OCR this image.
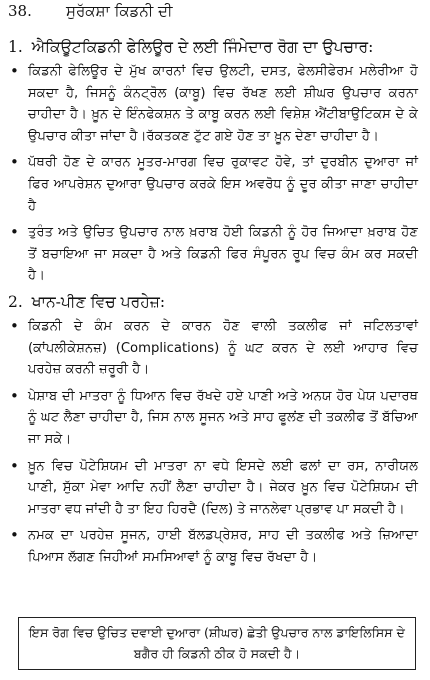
38.	ਸੁਰੱਕਸ਼ਾ ਕਿਡਨੀ ਦੀ
1. ਐਕਿਊਟਕਿਡਨੀ ਫੇਲਿਊਰ ਦੇ ਲਈ ਜਿੰਮੇਦਾਰ ਰੋਗ ਦਾ ਉਪਚਾਰ:
• ਕਿਡਨੀ ਫੇਲਿਊਰ ਦੇ ਮੁੱਖ ਕਾਰਨਾਂ ਵਿਚ ਉਲਟੀ, ਦਸਤ, ਫੇਲਸੀਫੇਰਮ ਮਲੇਰੀਆ ਹੋ ਸਕਦਾ ਹੈ, ਜਿਸਨੂੰ ਕੰਨਟ੍ਰੋਲ (ਕਾਬੂ) ਵਿਚ ਰੱਖਣ ਲਈ ਸ਼ੀਘਰ ਉਪਚਾਰ ਕਰਨਾ ਚਾਹੀਦਾ ਹੈ। ਖ਼ੂਨ ਦੇ ਇੰਨਫੇਕਸ਼ਨ ਤੇ ਕਾਬੂ ਕਰਨ ਲਈ ਵਿਸ਼ੇਸ਼ ਐਂਟੀਬਾਉਟਿਕਸ ਦੇ ਕੇ ਉਪਚਾਰ ਕੀਤਾ ਜਾਂਦਾ ਹੈ।ਰੱਕਤਕਣ ਟੁੱਟ ਗਏ ਹੋਣ ਤਾ ਖ਼ੂਨ ਦੇਣਾ ਚਾਹੀਦਾ ਹੈ।
• ਪੱਥਰੀ ਹੋਣ ਦੇ ਕਾਰਨ ਮੂਤਰ-ਮਾਰਗ ਵਿਚ ਰੁਕਾਵਟ ਹੋਵੇ, ਤਾਂ ਦੁਰਬੀਨ ਦੁਆਰਾ ਜਾਂ ਫਿਰ ਆਪਰੇਸ਼ਨ ਦੁਆਰਾ ਉਪਚਾਰ ਕਰਕੇ ਇਸ ਅਵਰੋਧ ਨੂੰ ਦੂਰ ਕੀਤਾ ਜਾਣਾ ਚਾਹੀਦਾ ਹੈ
• ਤੁਰੰਤ ਅਤੇ ਉਚਿਤ ਉਪਚਾਰ ਨਾਲ ਖ਼ਰਾਬ ਹੋਈ ਕਿਡਨੀ ਨੂੰ ਹੋਰ ਜਿਆਦਾ ਖ਼ਰਾਬ ਹੋਣ ਤੋਂ ਬਚਾਇਆ ਜਾ ਸਕਦਾ ਹੈ ਅਤੇ ਕਿਡਨੀ ਫਿਰ ਸੰਪੂਰਨ ਰੂਪ ਵਿਚ ਕੰਮ ਕਰ ਸਕਦੀ ਹੈ।
2. ਖਾਨ-ਪੀਣ ਵਿਚ ਪਰਹੇਜ਼:
• ਕਿਡਨੀ ਦੇ ਕੰਮ ਕਰਨ ਦੇ ਕਾਰਨ ਹੋਣ ਵਾਲੀ ਤਕਲੀਫ ਜਾਂ ਜਟਿਲਤਾਵਾਂ (ਕਾਂਪਲੀਕੇਸ਼ਨਜ਼) (Complications) ਨੂੰ ਘਟ ਕਰਨ ਦੇ ਲਈ ਆਹਾਰ ਵਿਚ ਪਰਹੇਜ਼ ਕਰਨੀ ਜ਼ਰੂਰੀ ਹੈ।
• ਪੇਸ਼ਾਬ ਦੀ ਮਾਤਰਾ ਨੂੰ ਧਿਆਨ ਵਿਚ ਰੱਖਦੇ ਹਏ ਪਾਣੀ ਅਤੇ ਅਨਯ ਹੋਰ ਪੇਯ ਪਦਾਰਥ ਨੂੰ ਘਟ ਲੈਣਾ ਚਾਹੀਦਾ ਹੈ, ਜਿਸ ਨਾਲ ਸੂਜਨ ਅਤੇ ਸਾਹ ਫੂਲਂਣ ਦੀ ਤਕਲੀਫ ਤੋਂ ਬੱਚਿਆ ਜਾ ਸਕੇ।
• ਖ਼ੂਨ ਵਿਚ ਪੋਟੇਸ਼ਿਯਮ ਦੀ ਮਾਤਰਾ ਨਾ ਵਧੇ ਇਸਦੇ ਲਈ ਫਲਾਂ ਦਾ ਰਸ, ਨਾਰੀਯਲ ਪਾਣੀ, ਸੁੱਕਾ ਮੇਵਾ ਆਦਿ ਨਹੀਂ ਲੈਣਾ ਚਾਹੀਦਾ ਹੈ। ਜੇਕਰ ਖ਼ੂਨ ਵਿਚ ਪੋਟੇਸ਼ਿਯਮ ਦੀ ਮਾਤਰਾ ਵਧ ਜਾਂਦੀ ਹੈ ਤਾ ਇਹ ਹਿਰਦੈ (ਦਿਲ) ਤੇ ਜਾਨਲੇਵਾ ਪ੍ਰਭਾਵ ਪਾ ਸਕਦੀ ਹੈ।
• ਨਮਕ ਦਾ ਪਰਹੇਜ਼ ਸੂਜਨ, ਹਾਈ ਬੱਲਡਪ੍ਰੇਸ਼ਰ, ਸਾਹ ਦੀ ਤਕਲੀਫ ਅਤੇ ਜ਼ਿਆਦਾ ਪਿਆਸ ਲੱਗਣ ਜਿਹੀਆਂ ਸਮਸਿਆਵਾਂ ਨੂੰ ਕਾਬੂ ਵਿਚ ਰੱਖਦਾ ਹੈ।
ਇਸ ਰੋਗ ਵਿਚ ਉਚਿਤ ਦਵਾਈ ਦੁਆਰਾ (ਸ਼ੀਘਰ) ਛੇਤੀ ਉਪਚਾਰ ਨਾਲ ਡਾਇਲਿਸਿਸ ਦੇ ਬਗੈਰ ਹੀ ਕਿਡਨੀ ਠੀਕ ਹੋ ਸਕਦੀ ਹੈ।
